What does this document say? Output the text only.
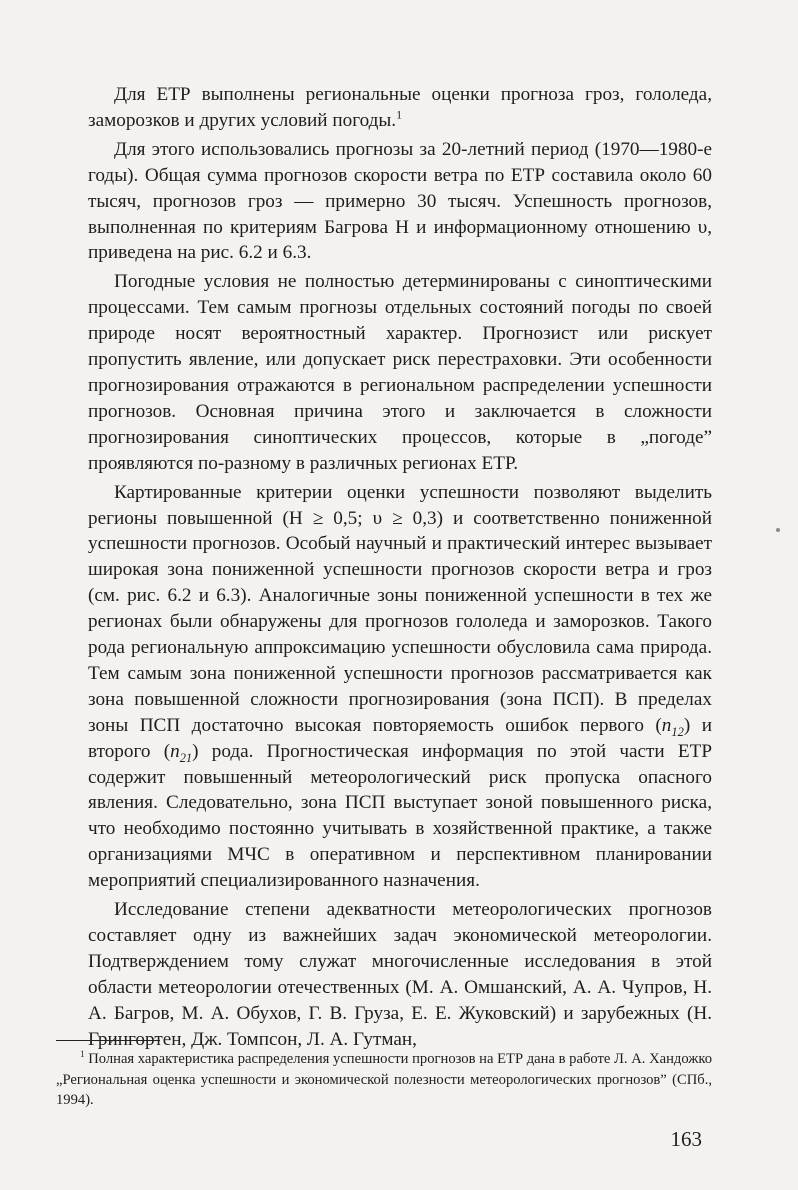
Для ЕТР выполнены региональные оценки прогноза гроз, гололеда, заморозков и других условий погоды.$^1$

Для этого использовались прогнозы за 20-летний период (1970—1980-е годы). Общая сумма прогнозов скорости ветра по ЕТР составила около 60 тысяч, прогнозов гроз — примерно 30 тысяч. Успешность прогнозов, выполненная по критериям Багрова H и информационному отношению υ, приведена на рис. 6.2 и 6.3.

Погодные условия не полностью детерминированы с синоптическими процессами. Тем самым прогнозы отдельных состояний погоды по своей природе носят вероятностный характер. Прогнозист или рискует пропустить явление, или допускает риск перестраховки. Эти особенности прогнозирования отражаются в региональном распределении успешности прогнозов. Основная причина этого и заключается в сложности прогнозирования синоптических процессов, которые в „погоде” проявляются по-разному в различных регионах ЕТР.

Картированные критерии оценки успешности позволяют выделить регионы повышенной (H ≥ 0,5; υ ≥ 0,3) и соответственно пониженной успешности прогнозов. Особый научный и практический интерес вызывает широкая зона пониженной успешности прогнозов скорости ветра и гроз (см. рис. 6.2 и 6.3). Аналогичные зоны пониженной успешности в тех же регионах были обнаружены для прогнозов гололеда и заморозков. Такого рода региональную аппроксимацию успешности обусловила сама природа. Тем самым зона пониженной успешности прогнозов рассматривается как зона повышенной сложности прогнозирования (зона ПСП). В пределах зоны ПСП достаточно высокая повторяемость ошибок первого $(n_{12})$ и второго $(n_{21})$ рода. Прогностическая информация по этой части ЕТР содержит повышенный метеорологический риск пропуска опасного явления. Следовательно, зона ПСП выступает зоной повышенного риска, что необходимо постоянно учитывать в хозяйственной практике, а также организациями МЧС в оперативном и перспективном планировании мероприятий специализированного назначения.

Исследование степени адекватности метеорологических прогнозов составляет одну из важнейших задач экономической метеорологии. Подтверждением тому служат многочисленные исследования в этой области метеорологии отечественных (М. А. Омшанский, А. А. Чупров, Н. А. Багров, М. А. Обухов, Г. В. Груза, Е. Е. Жуковский) и зарубежных (Н. Грингортен, Дж. Томпсон, Л. А. Гутман,

$^1$ Полная характеристика распределения успешности прогнозов на ЕТР дана в работе Л. А. Хандожко „Региональная оценка успешности и экономической полезности метеорологических прогнозов” (СПб., 1994).

163
